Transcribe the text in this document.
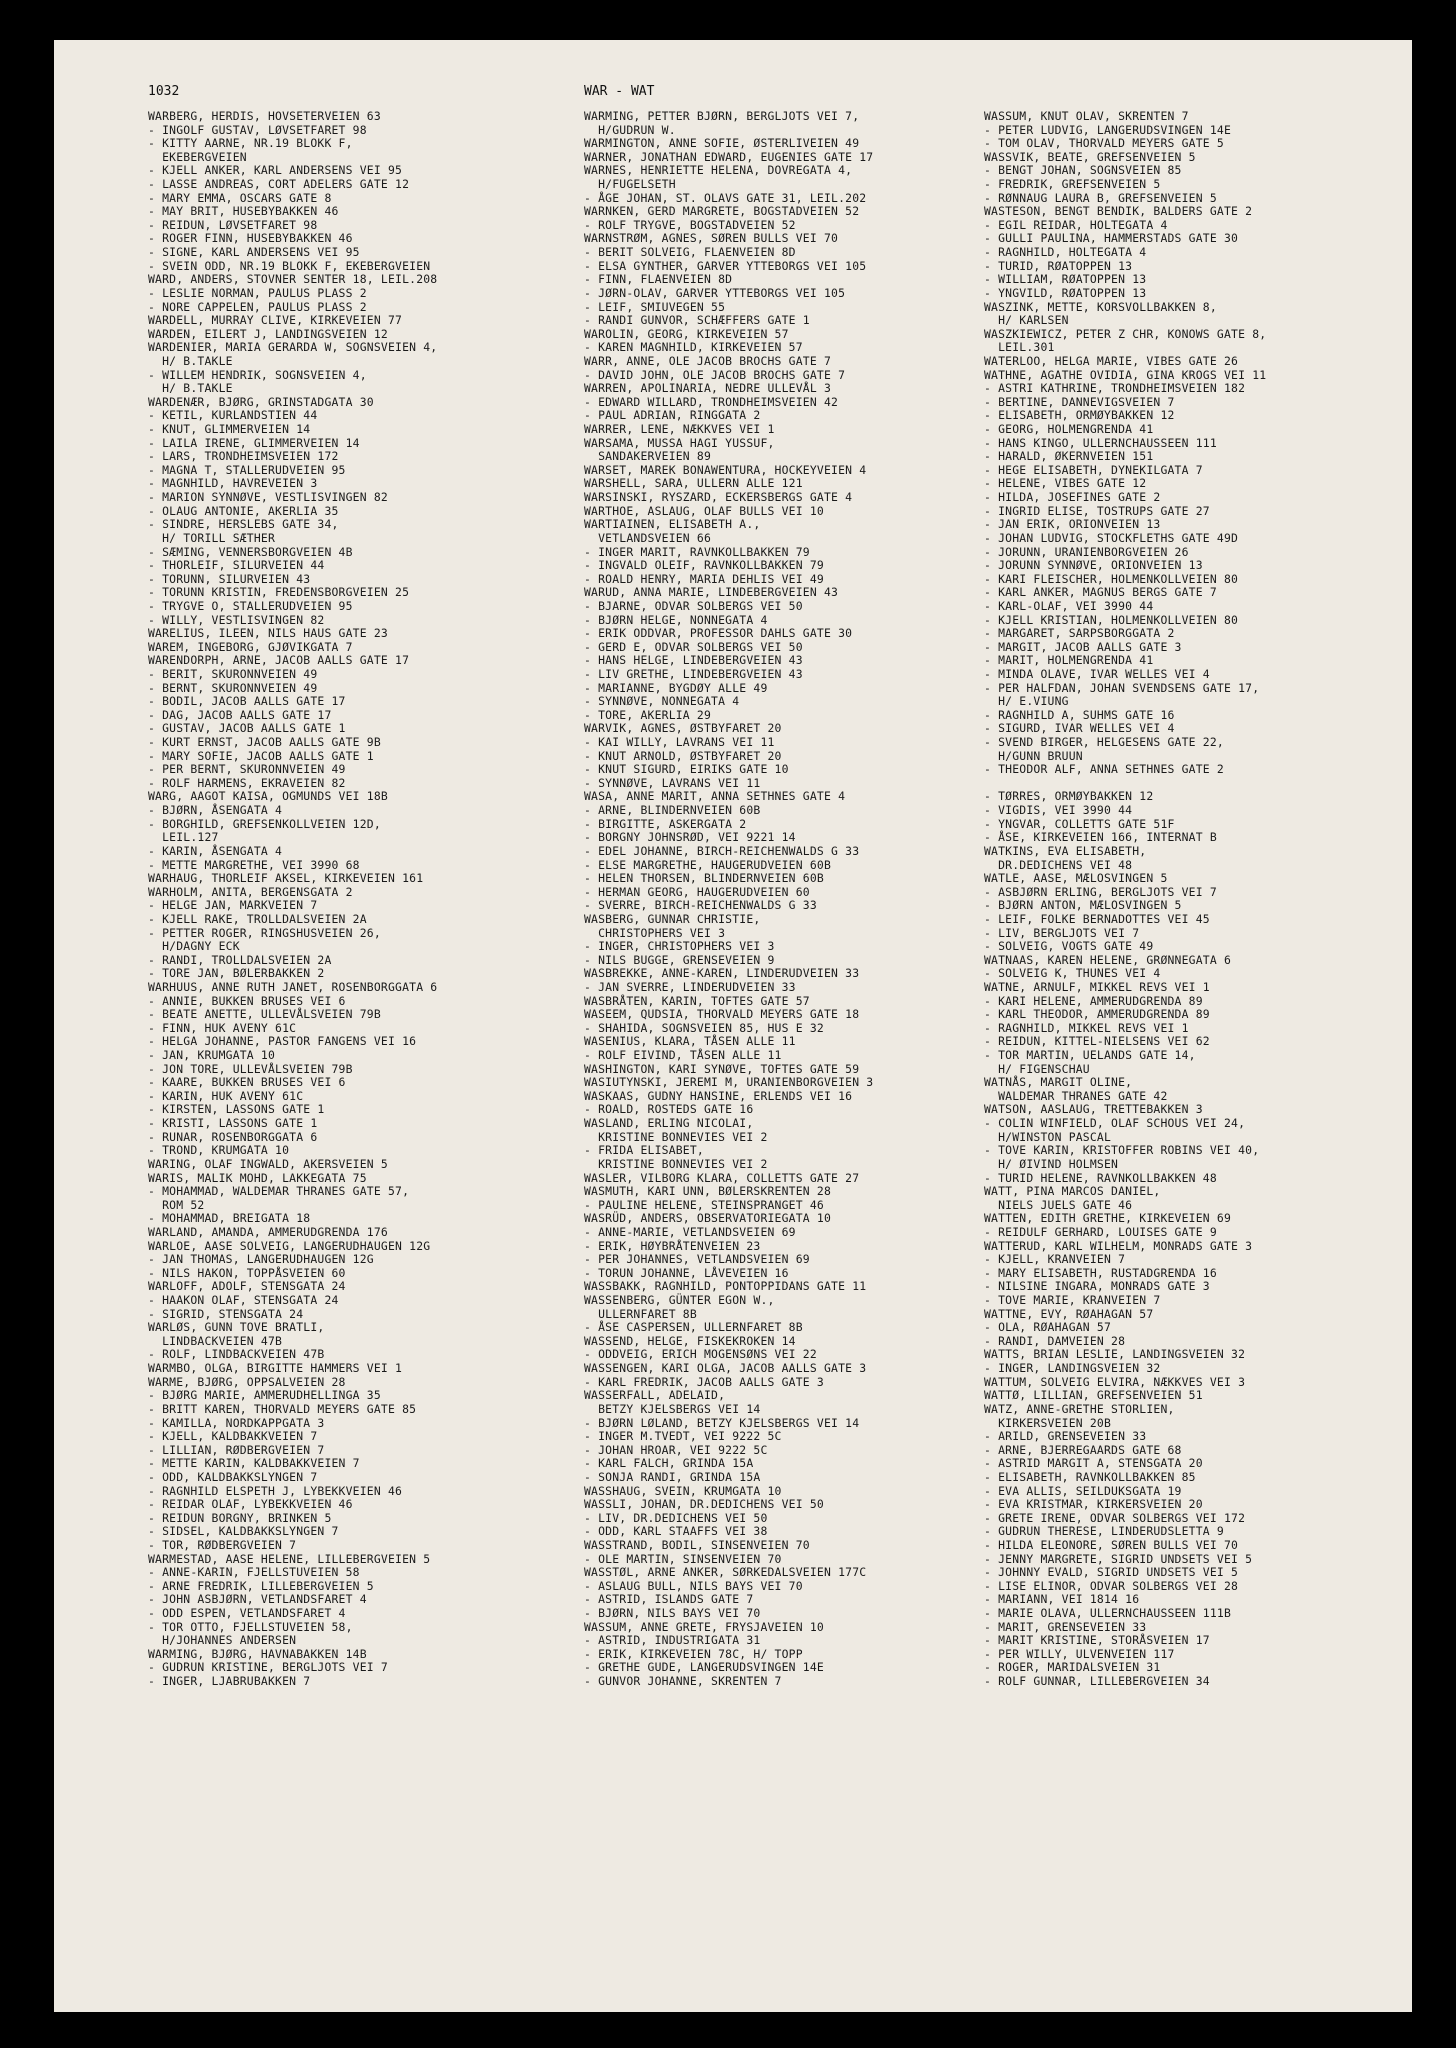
1032	WAR - WAT
WARBERG, HERDIS, HOVSETERVEIEN 63
- INGOLF GUSTAV, LØVSETFARET 98
- KITTY AARNE, NR.19 BLOKK F,
EKEBERGVEIEN
- KJELL ANKER, KARL ANDERSENS VEI 95
- LASSE ANDREAS, CORT ADELERS GATE 12
- MARY EMMA, OSCARS GATE 8
- MAY BRIT, HUSEBYBAKKEN 46
- REIDUN, LØVSETFARET 98
- ROGER FINN, HUSEBYBAKKEN 46
- SIGNE, KARL ANDERSENS VEI 95
- SVEIN ODD, NR.19 BLOKK F, EKEBERGVEIEN
WARD, ANDERS, STOVNER SENTER 18, LEIL.208
- LESLIE NORMAN, PAULUS PLASS 2
- NORE CAPPELEN, PAULUS PLASS 2
WARDELL, MURRAY CLIVE, KIRKEVEIEN 77
WARDEN, EILERT J, LANDINGSVEIEN 12
WARDENIER, MARIA GERARDA W, SOGNSVEIEN 4,
H/ B.TAKLE
- WILLEM HENDRIK, SOGNSVEIEN 4,
H/ B.TAKLE
WARDENÆR, BJØRG, GRINSTADGATA 30
- KETIL, KURLANDSTIEN 44
- KNUT, GLIMMERVEIEN 14
- LAILA IRENE, GLIMMERVEIEN 14
- LARS, TRONDHEIMSVEIEN 172
- MAGNA T, STALLERUDVEIEN 95
- MAGNHILD, HAVREVEIEN 3
- MARION SYNNØVE, VESTLISVINGEN 82
- OLAUG ANTONIE, AKERLIA 35
- SINDRE, HERSLEBS GATE 34,
H/ TORILL SÆTHER
- SÆMING, VENNERSBORGVEIEN 4B
- THORLEIF, SILURVEIEN 44
- TORUNN, SILURVEIEN 43
- TORUNN KRISTIN, FREDENSBORGVEIEN 25
- TRYGVE O, STALLERUDVEIEN 95
- WILLY, VESTLISVINGEN 82
WARELIUS, ILEEN, NILS HAUS GATE 23
WAREM, INGEBORG, GJØVIKGATA 7
WARENDORPH, ARNE, JACOB AALLS GATE 17
- BERIT, SKURONNVEIEN 49
- BERNT, SKURONNVEIEN 49
- BODIL, JACOB AALLS GATE 17
- DAG, JACOB AALLS GATE 17
- GUSTAV, JACOB AALLS GATE 1
- KURT ERNST, JACOB AALLS GATE 9B
- MARY SOFIE, JACOB AALLS GATE 1
- PER BERNT, SKURONNVEIEN 49
- ROLF HARMENS, EKRAVEIEN 82
WARG, AAGOT KAISA, OGMUNDS VEI 18B
- BJØRN, ÅSENGATA 4
- BORGHILD, GREFSENKOLLVEIEN 12D,
LEIL.127
- KARIN, ÅSENGATA 4
- METTE MARGRETHE, VEI 3990 68
WARHAUG, THORLEIF AKSEL, KIRKEVEIEN 161
WARHOLM, ANITA, BERGENSGATA 2
- HELGE JAN, MARKVEIEN 7
- KJELL RAKE, TROLLDALSVEIEN 2A
- PETTER ROGER, RINGSHUSVEIEN 26,
H/DAGNY ECK
- RANDI, TROLLDALSVEIEN 2A
- TORE JAN, BØLERBAKKEN 2
WARHUUS, ANNE RUTH JANET, ROSENBORGGATA 6
- ANNIE, BUKKEN BRUSES VEI 6
- BEATE ANETTE, ULLEVÅLSVEIEN 79B
- FINN, HUK AVENY 61C
- HELGA JOHANNE, PASTOR FANGENS VEI 16
- JAN, KRUMGATA 10
- JON TORE, ULLEVÅLSVEIEN 79B
- KAARE, BUKKEN BRUSES VEI 6
- KARIN, HUK AVENY 61C
- KIRSTEN, LASSONS GATE 1
- KRISTI, LASSONS GATE 1
- RUNAR, ROSENBORGGATA 6
- TROND, KRUMGATA 10
WARING, OLAF INGWALD, AKERSVEIEN 5
WARIS, MALIK MOHD, LAKKEGATA 75
- MOHAMMAD, WALDEMAR THRANES GATE 57,
ROM 52
- MOHAMMAD, BREIGATA 18
WARLAND, AMANDA, AMMERUDGRENDA 176
WARLOE, AASE SOLVEIG, LANGERUDHAUGEN 12G
- JAN THOMAS, LANGERUDHAUGEN 12G
- NILS HAKON, TOPPÅSVEIEN 60
WARLOFF, ADOLF, STENSGATA 24
- HAAKON OLAF, STENSGATA 24
- SIGRID, STENSGATA 24
WARLØS, GUNN TOVE BRATLI,
LINDBACKVEIEN 47B
- ROLF, LINDBACKVEIEN 47B
WARMBO, OLGA, BIRGITTE HAMMERS VEI 1
WARME, BJØRG, OPPSALVEIEN 28
- BJØRG MARIE, AMMERUDHELLINGA 35
- BRITT KAREN, THORVALD MEYERS GATE 85
- KAMILLA, NORDKAPPGATA 3
- KJELL, KALDBAKKVEIEN 7
- LILLIAN, RØDBERGVEIEN 7
- METTE KARIN, KALDBAKKVEIEN 7
- ODD, KALDBAKKSLYNGEN 7
- RAGNHILD ELSPETH J, LYBEKKVEIEN 46
- REIDAR OLAF, LYBEKKVEIEN 46
- REIDUN BORGNY, BRINKEN 5
- SIDSEL, KALDBAKKSLYNGEN 7
- TOR, RØDBERGVEIEN 7
WARMESTAD, AASE HELENE, LILLEBERGVEIEN 5
- ANNE-KARIN, FJELLSTUVEIEN 58
- ARNE FREDRIK, LILLEBERGVEIEN 5
- JOHN ASBJØRN, VETLANDSFARET 4
- ODD ESPEN, VETLANDSFARET 4
- TOR OTTO, FJELLSTUVEIEN 58,
H/JOHANNES ANDERSEN
WARMING, BJØRG, HAVNABAKKEN 14B
- GUDRUN KRISTINE, BERGLJOTS VEI 7
- INGER, LJABRUBAKKEN 7
WARMING, PETTER BJØRN, BERGLJOTS VEI 7,
H/GUDRUN W.
WARMINGTON, ANNE SOFIE, ØSTERLIVEIEN 49
WARNER, JONATHAN EDWARD, EUGENIES GATE 17
WARNES, HENRIETTE HELENA, DOVREGATA 4,
H/FUGELSETH
- ÅGE JOHAN, ST. OLAVS GATE 31, LEIL.202
WARNKEN, GERD MARGRETE, BOGSTADVEIEN 52
- ROLF TRYGVE, BOGSTADVEIEN 52
WARNSTRØM, AGNES, SØREN BULLS VEI 70
- BERIT SOLVEIG, FLAENVEIEN 8D
- ELSA GYNTHER, GARVER YTTEBORGS VEI 105
- FINN, FLAENVEIEN 8D
- JØRN-OLAV, GARVER YTTEBORGS VEI 105
- LEIF, SMIUVEGEN 55
- RANDI GUNVOR, SCHÆFFERS GATE 1
WAROLIN, GEORG, KIRKEVEIEN 57
- KAREN MAGNHILD, KIRKEVEIEN 57
WARR, ANNE, OLE JACOB BROCHS GATE 7
- DAVID JOHN, OLE JACOB BROCHS GATE 7
WARREN, APOLINARIA, NEDRE ULLEVÅL 3
- EDWARD WILLARD, TRONDHEIMSVEIEN 42
- PAUL ADRIAN, RINGGATA 2
WARRER, LENE, NÆKKVES VEI 1
WARSAMA, MUSSA HAGI YUSSUF,
SANDAKERVEIEN 89
WARSET, MAREK BONAWENTURA, HOCKEYVEIEN 4
WARSHELL, SARA, ULLERN ALLE 121
WARSINSKI, RYSZARD, ECKERSBERGS GATE 4
WARTHOE, ASLAUG, OLAF BULLS VEI 10
WARTIAINEN, ELISABETH A.,
VETLANDSVEIEN 66
- INGER MARIT, RAVNKOLLBAKKEN 79
- INGVALD OLEIF, RAVNKOLLBAKKEN 79
- ROALD HENRY, MARIA DEHLIS VEI 49
WARUD, ANNA MARIE, LINDEBERGVEIEN 43
- BJARNE, ODVAR SOLBERGS VEI 50
- BJØRN HELGE, NONNEGATA 4
- ERIK ODDVAR, PROFESSOR DAHLS GATE 30
- GERD E, ODVAR SOLBERGS VEI 50
- HANS HELGE, LINDEBERGVEIEN 43
- LIV GRETHE, LINDEBERGVEIEN 43
- MARIANNE, BYGDØY ALLE 49
- SYNNØVE, NONNEGATA 4
- TORE, AKERLIA 29
WARVIK, AGNES, ØSTBYFARET 20
- KAI WILLY, LAVRANS VEI 11
- KNUT ARNOLD, ØSTBYFARET 20
- KNUT SIGURD, EIRIKS GATE 10
- SYNNØVE, LAVRANS VEI 11
WASA, ANNE MARIT, ANNA SETHNES GATE 4
- ARNE, BLINDERNVEIEN 60B
- BIRGITTE, ASKERGATA 2
- BORGNY JOHNSRØD, VEI 9221 14
- EDEL JOHANNE, BIRCH-REICHENWALDS G 33
- ELSE MARGRETHE, HAUGERUDVEIEN 60B
- HELEN THORSEN, BLINDERNVEIEN 60B
- HERMAN GEORG, HAUGERUDVEIEN 60
- SVERRE, BIRCH-REICHENWALDS G 33
WASBERG, GUNNAR CHRISTIE,
CHRISTOPHERS VEI 3
- INGER, CHRISTOPHERS VEI 3
- NILS BUGGE, GRENSEVEIEN 9
WASBREKKE, ANNE-KAREN, LINDERUDVEIEN 33
- JAN SVERRE, LINDERUDVEIEN 33
WASBRÅTEN, KARIN, TOFTES GATE 57
WASEEM, QUDSIA, THORVALD MEYERS GATE 18
- SHAHIDA, SOGNSVEIEN 85, HUS E 32
WASENIUS, KLARA, TÅSEN ALLE 11
- ROLF EIVIND, TÅSEN ALLE 11
WASHINGTON, KARI SYNØVE, TOFTES GATE 59
WASIUTYNSKI, JEREMI M, URANIENBORGVEIEN 3
WASKAAS, GUDNY HANSINE, ERLENDS VEI 16
- ROALD, ROSTEDS GATE 16
WASLAND, ERLING NICOLAI,
KRISTINE BONNEVIES VEI 2
- FRIDA ELISABET,
KRISTINE BONNEVIES VEI 2
WASLER, VILBORG KLARA, COLLETTS GATE 27
WASMUTH, KARI UNN, BØLERSKRENTEN 28
- PAULINE HELENE, STEINSPRANGET 46
WASRÜD, ANDERS, OBSERVATORIEGATA 10
- ANNE-MARIE, VETLANDSVEIEN 69
- ERIK, HØYBRÅTENVEIEN 23
- PER JOHANNES, VETLANDSVEIEN 69
- TORUN JOHANNE, LÅVEVEIEN 16
WASSBAKK, RAGNHILD, PONTOPPIDANS GATE 11
WASSENBERG, GÜNTER EGON W.,
ULLERNFARET 8B
- ÅSE CASPERSEN, ULLERNFARET 8B
WASSEND, HELGE, FISKEKROKEN 14
- ODDVEIG, ERICH MOGENSØNS VEI 22
WASSENGEN, KARI OLGA, JACOB AALLS GATE 3
- KARL FREDRIK, JACOB AALLS GATE 3
WASSERFALL, ADELAID,
BETZY KJELSBERGS VEI 14
- BJØRN LØLAND, BETZY KJELSBERGS VEI 14
- INGER M.TVEDT, VEI 9222 5C
- JOHAN HROAR, VEI 9222 5C
- KARL FALCH, GRINDA 15A
- SONJA RANDI, GRINDA 15A
WASSHAUG, SVEIN, KRUMGATA 10
WASSLI, JOHAN, DR.DEDICHENS VEI 50
- LIV, DR.DEDICHENS VEI 50
- ODD, KARL STAAFFS VEI 38
WASSTRAND, BODIL, SINSENVEIEN 70
- OLE MARTIN, SINSENVEIEN 70
WASSTØL, ARNE ANKER, SØRKEDALSVEIEN 177C
- ASLAUG BULL, NILS BAYS VEI 70
- ASTRID, ISLANDS GATE 7
- BJØRN, NILS BAYS VEI 70
WASSUM, ANNE GRETE, FRYSJAVEIEN 10
- ASTRID, INDUSTRIGATA 31
- ERIK, KIRKEVEIEN 78C, H/ TOPP
- GRETHE GUDE, LANGERUDSVINGEN 14E
- GUNVOR JOHANNE, SKRENTEN 7
WASSUM, KNUT OLAV, SKRENTEN 7
- PETER LUDVIG, LANGERUDSVINGEN 14E
- TOM OLAV, THORVALD MEYERS GATE 5
WASSVIK, BEATE, GREFSENVEIEN 5
- BENGT JOHAN, SOGNSVEIEN 85
- FREDRIK, GREFSENVEIEN 5
- RØNNAUG LAURA B, GREFSENVEIEN 5
WASTESON, BENGT BENDIK, BALDERS GATE 2
- EGIL REIDAR, HOLTEGATA 4
- GULLI PAULINA, HAMMERSTADS GATE 30
- RAGNHILD, HOLTEGATA 4
- TURID, RØATOPPEN 13
- WILLIAM, RØATOPPEN 13
- YNGVILD, RØATOPPEN 13
WASZINK, METTE, KORSVOLLBAKKEN 8,
H/ KARLSEN
WASZKIEWICZ, PETER Z CHR, KONOWS GATE 8,
LEIL.301
WATERLOO, HELGA MARIE, VIBES GATE 26
WATHNE, AGATHE OVIDIA, GINA KROGS VEI 11
- ASTRI KATHRINE, TRONDHEIMSVEIEN 182
- BERTINE, DANNEVIGSVEIEN 7
- ELISABETH, ORMØYBAKKEN 12
- GEORG, HOLMENGRENDA 41
- HANS KINGO, ULLERNCHAUSSEEN 111
- HARALD, ØKERNVEIEN 151
- HEGE ELISABETH, DYNEKILGATA 7
- HELENE, VIBES GATE 12
- HILDA, JOSEFINES GATE 2
- INGRID ELISE, TOSTRUPS GATE 27
- JAN ERIK, ORIONVEIEN 13
- JOHAN LUDVIG, STOCKFLETHS GATE 49D
- JORUNN, URANIENBORGVEIEN 26
- JORUNN SYNNØVE, ORIONVEIEN 13
- KARI FLEISCHER, HOLMENKOLLVEIEN 80
- KARL ANKER, MAGNUS BERGS GATE 7
- KARL-OLAF, VEI 3990 44
- KJELL KRISTIAN, HOLMENKOLLVEIEN 80
- MARGARET, SARPSBORGGATA 2
- MARGIT, JACOB AALLS GATE 3
- MARIT, HOLMENGRENDA 41
- MINDA OLAVE, IVAR WELLES VEI 4
- PER HALFDAN, JOHAN SVENDSENS GATE 17,
H/ E.VIUNG
- RAGNHILD A, SUHMS GATE 16
- SIGURD, IVAR WELLES VEI 4
- SVEND BIRGER, HELGESENS GATE 22,
H/GUNN BRUUN
- THEODOR ALF, ANNA SETHNES GATE 2
- TØRRES, ORMØYBAKKEN 12
- VIGDIS, VEI 3990 44
- YNGVAR, COLLETTS GATE 51F
- ÅSE, KIRKEVEIEN 166, INTERNAT B
WATKINS, EVA ELISABETH,
DR.DEDICHENS VEI 48
WATLE, AASE, MÆLOSVINGEN 5
- ASBJØRN ERLING, BERGLJOTS VEI 7
- BJØRN ANTON, MÆLOSVINGEN 5
- LEIF, FOLKE BERNADOTTES VEI 45
- LIV, BERGLJOTS VEI 7
- SOLVEIG, VOGTS GATE 49
WATNAAS, KAREN HELENE, GRØNNEGATA 6
- SOLVEIG K, THUNES VEI 4
WATNE, ARNULF, MIKKEL REVS VEI 1
- KARI HELENE, AMMERUDGRENDA 89
- KARL THEODOR, AMMERUDGRENDA 89
- RAGNHILD, MIKKEL REVS VEI 1
- REIDUN, KITTEL-NIELSENS VEI 62
- TOR MARTIN, UELANDS GATE 14,
H/ FIGENSCHAU
WATNÅS, MARGIT OLINE,
WALDEMAR THRANES GATE 42
WATSON, AASLAUG, TRETTEBAKKEN 3
- COLIN WINFIELD, OLAF SCHOUS VEI 24,
H/WINSTON PASCAL
- TOVE KARIN, KRISTOFFER ROBINS VEI 40,
H/ ØIVIND HOLMSEN
- TURID HELENE, RAVNKOLLBAKKEN 48
WATT, PINA MARCOS DANIEL,
NIELS JUELS GATE 46
WATTEN, EDITH GRETHE, KIRKEVEIEN 69
- REIDULF GERHARD, LOUISES GATE 9
WATTERUD, KARL WILHELM, MONRADS GATE 3
- KJELL, KRANVEIEN 7
- MARY ELISABETH, RUSTADGRENDA 16
- NILSINE INGARA, MONRADS GATE 3
- TOVE MARIE, KRANVEIEN 7
WATTNE, EVY, RØAHAGAN 57
- OLA, RØAHAGAN 57
- RANDI, DAMVEIEN 28
WATTS, BRIAN LESLIE, LANDINGSVEIEN 32
- INGER, LANDINGSVEIEN 32
WATTUM, SOLVEIG ELVIRA, NÆKKVES VEI 3
WATTØ, LILLIAN, GREFSENVEIEN 51
WATZ, ANNE-GRETHE STORLIEN,
KIRKERSVEIEN 20B
- ARILD, GRENSEVEIEN 33
- ARNE, BJERREGAARDS GATE 68
- ASTRID MARGIT A, STENSGATA 20
- ELISABETH, RAVNKOLLBAKKEN 85
- EVA ALLIS, SEILDUKSGATA 19
- EVA KRISTMAR, KIRKERSVEIEN 20
- GRETE IRENE, ODVAR SOLBERGS VEI 172
- GUDRUN THERESE, LINDERUDSLETTA 9
- HILDA ELEONORE, SØREN BULLS VEI 70
- JENNY MARGRETE, SIGRID UNDSETS VEI 5
- JOHNNY EVALD, SIGRID UNDSETS VEI 5
- LISE ELINOR, ODVAR SOLBERGS VEI 28
- MARIANN, VEI 1814 16
- MARIE OLAVA, ULLERNCHAUSSEEN 111B
- MARIT, GRENSEVEIEN 33
- MARIT KRISTINE, STORÅSVEIEN 17
- PER WILLY, ULVENVEIEN 117
- ROGER, MARIDALSVEIEN 31
- ROLF GUNNAR, LILLEBERGVEIEN 34
